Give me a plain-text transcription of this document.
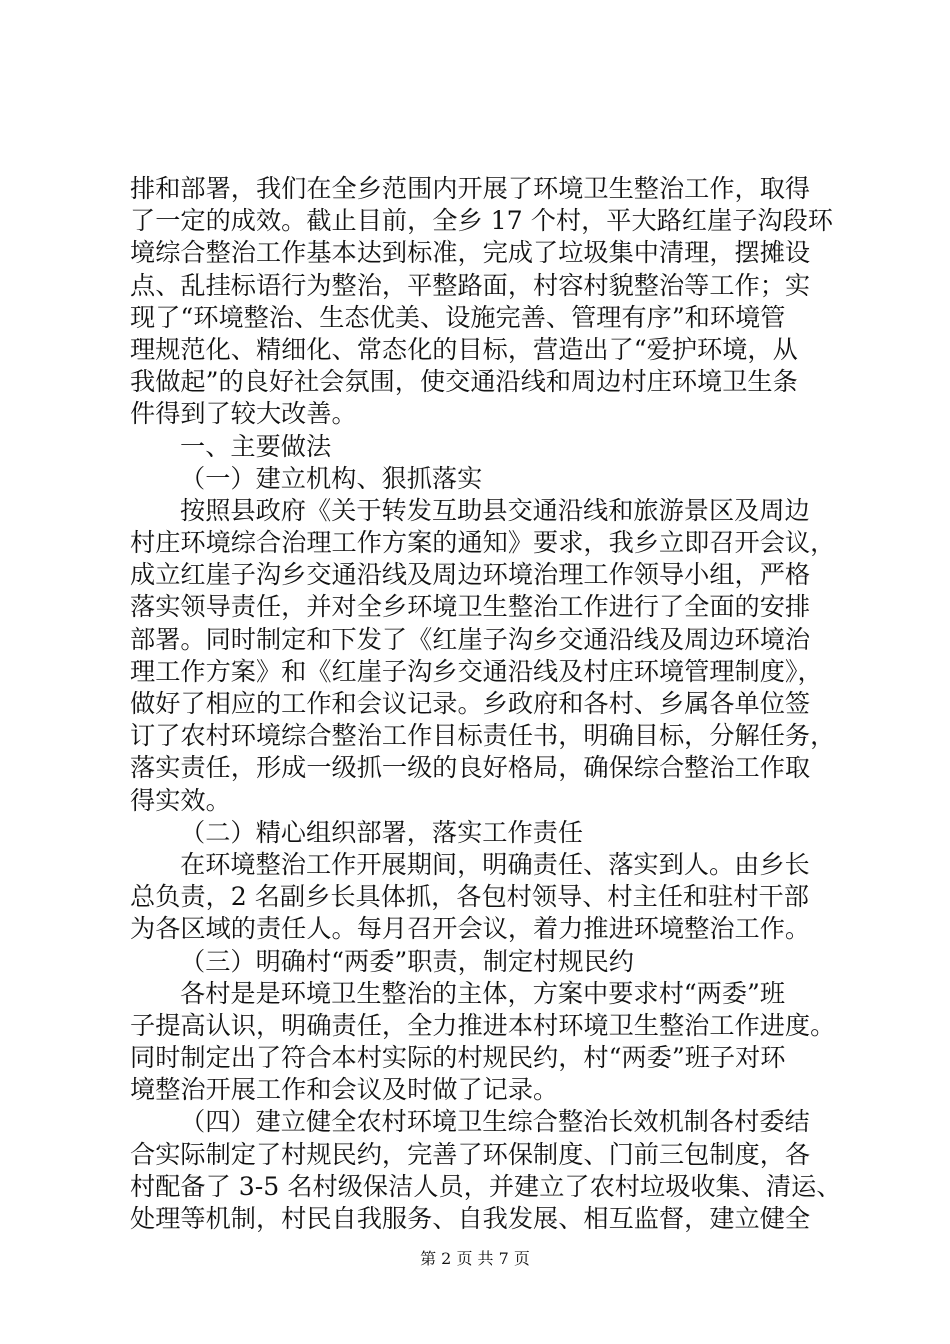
排和部署，我们在全乡范围内开展了环境卫生整治工作，取得
了一定的成效。截止目前，全乡 17 个村，平大路红崖子沟段环
境综合整治工作基本达到标准，完成了垃圾集中清理，摆摊设
点、乱挂标语行为整治，平整路面，村容村貌整治等工作；实
现了“环境整治、生态优美、设施完善、管理有序”和环境管
理规范化、精细化、常态化的目标，营造出了“爱护环境，从
我做起”的良好社会氛围，使交通沿线和周边村庄环境卫生条
件得到了较大改善。
一、主要做法
（一）建立机构、狠抓落实
按照县政府《关于转发互助县交通沿线和旅游景区及周边
村庄环境综合治理工作方案的通知》要求，我乡立即召开会议，
成立红崖子沟乡交通沿线及周边环境治理工作领导小组，严格
落实领导责任，并对全乡环境卫生整治工作进行了全面的安排
部署。同时制定和下发了《红崖子沟乡交通沿线及周边环境治
理工作方案》和《红崖子沟乡交通沿线及村庄环境管理制度》，
做好了相应的工作和会议记录。乡政府和各村、乡属各单位签
订了农村环境综合整治工作目标责任书，明确目标，分解任务，
落实责任，形成一级抓一级的良好格局，确保综合整治工作取
得实效。
（二）精心组织部署，落实工作责任
在环境整治工作开展期间，明确责任、落实到人。由乡长
总负责，2 名副乡长具体抓，各包村领导、村主任和驻村干部
为各区域的责任人。每月召开会议，着力推进环境整治工作。
（三）明确村“两委”职责，制定村规民约
各村是是环境卫生整治的主体，方案中要求村“两委”班
子提高认识，明确责任，全力推进本村环境卫生整治工作进度。
同时制定出了符合本村实际的村规民约，村“两委”班子对环
境整治开展工作和会议及时做了记录。
（四）建立健全农村环境卫生综合整治长效机制各村委结
合实际制定了村规民约，完善了环保制度、门前三包制度，各
村配备了 3-5 名村级保洁人员，并建立了农村垃圾收集、清运、
处理等机制，村民自我服务、自我发展、相互监督，建立健全
第 2 页 共 7 页
